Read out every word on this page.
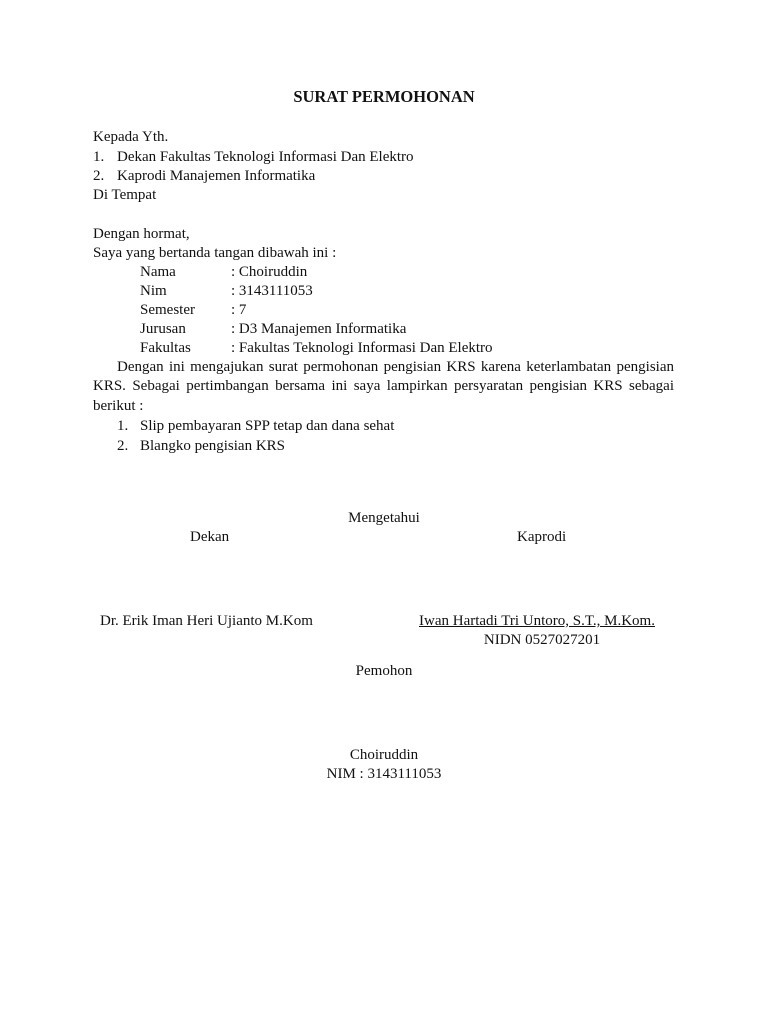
SURAT PERMOHONAN
Kepada Yth.
1. Dekan Fakultas Teknologi Informasi Dan Elektro
2. Kaprodi Manajemen Informatika
Di Tempat
Dengan hormat,
Saya yang bertanda tangan dibawah ini :
Nama	: Choiruddin
Nim	: 3143111053
Semester : 7
Jurusan	: D3 Manajemen Informatika
Fakultas	: Fakultas Teknologi Informasi Dan Elektro
Dengan ini mengajukan surat permohonan pengisian KRS karena keterlambatan pengisian KRS. Sebagai pertimbangan bersama ini saya lampirkan persyaratan pengisian KRS sebagai berikut :
1. Slip pembayaran SPP tetap dan dana sehat
2. Blangko pengisian KRS
Mengetahui
Dekan	Kaprodi
Dr. Erik Iman Heri Ujianto M.Kom	Iwan Hartadi Tri Untoro, S.T., M.Kom.
NIDN 0527027201
Pemohon
Choiruddin
NIM : 3143111053
